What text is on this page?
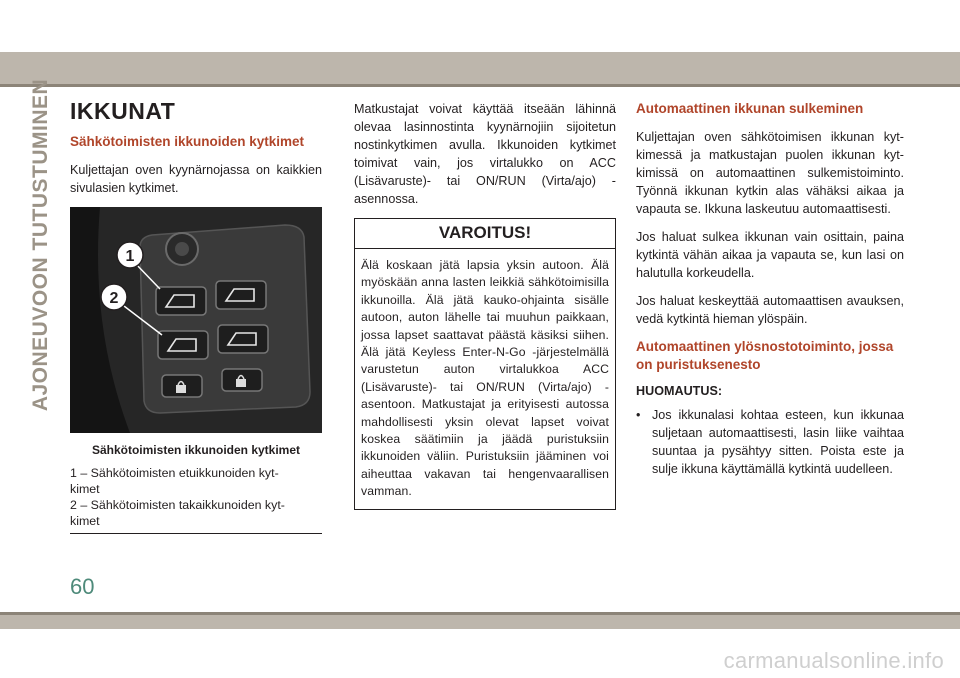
AJONEUVOON TUTUSTUMINEN IKKUNAT
Sähkötoimisten ikkunoiden kytkimet

Kuljettajan oven kyynärnojassa on kaikkien sivulasien kytkimet.

1
2
Sähkötoimisten ikkunoiden kytkimet
1 – Sähkötoimisten etuikkunoiden kyt-
kimet
2 – Sähkötoimisten takaikkunoiden kyt-
kimet

Matkustajat voivat käyttää itseään lähinnä olevaa lasinnostinta kyynärnojiin sijoitetun nostinkytkimen avulla. Ikkunoiden kytkimet toimivat vain, jos virtalukko on ACC (Lisävaruste)- tai ON/RUN (Virta/ajo) -asennossa.

VAROITUS!
Älä koskaan jätä lapsia yksin autoon. Älä myöskään anna lasten leikkiä sähkötoimisilla ikkunoilla. Älä jätä kauko-ohjainta sisälle autoon, auton lähelle tai muuhun paikkaan, jossa lapset saattavat päästä käsiksi siihen. Älä jätä Keyless Enter-N-Go -järjestelmällä varustetun auton virtalukkoa ACC (Lisävaruste)- tai ON/RUN (Virta/ajo) -asentoon. Matkustajat ja erityisesti autossa mahdollisesti yksin olevat lapset voivat koskea säätimiin ja jäädä puristuksiin ikkunoiden väliin. Puristuksiin jääminen voi aiheuttaa vakavan tai hengenvaarallisen vamman.
Automaattinen ikkunan sulkeminen

Kuljettajan oven sähkötoimisen ikkunan kytkimessä ja matkustajan puolen ikkunan kytkimissä on automaattinen sulkemistoiminto. Työnnä ikkunan kytkin alas vähäksi aikaa ja vapauta se. Ikkuna laskeutuu automaattisesti.

Jos haluat sulkea ikkunan vain osittain, paina kytkintä vähän aikaa ja vapauta se, kun lasi on halutulla korkeudella.

Jos haluat keskeyttää automaattisen avauksen, vedä kytkintä hieman ylöspäin.

Automaattinen ylösnostotoiminto, jossa on puristuksenesto
HUOMAUTUS:
• Jos ikkunalasi kohtaa esteen, kun ikkunaa suljetaan automaattisesti, lasin liike vaihtaa suuntaa ja pysähtyy sitten. Poista este ja sulje ikkuna käyttämällä kytkintä uudelleen.
60
carmanualsonline.info
